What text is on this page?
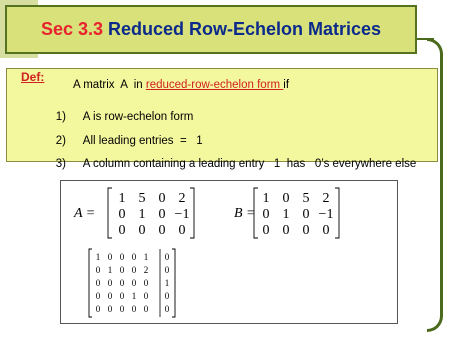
Sec 3.3 Reduced Row-Echelon Matrices
Def:
A matrix  A  in reduced-row-echelon form if

1) A is row-echelon form

2) All leading entries  =   1

3) A column containing a leading entry   1  has   0’s everywhere else

A =
1 5 0 2
0 1 0 −1
0 0 0 0
B =
1 0 5 2
0 1 0 −1
0 0 0 0
1 0 0 0 1 0
0 1 0 0 2 0
0 0 0 0 0 1
0 0 0 1 0 0
0 0 0 0 0 0
